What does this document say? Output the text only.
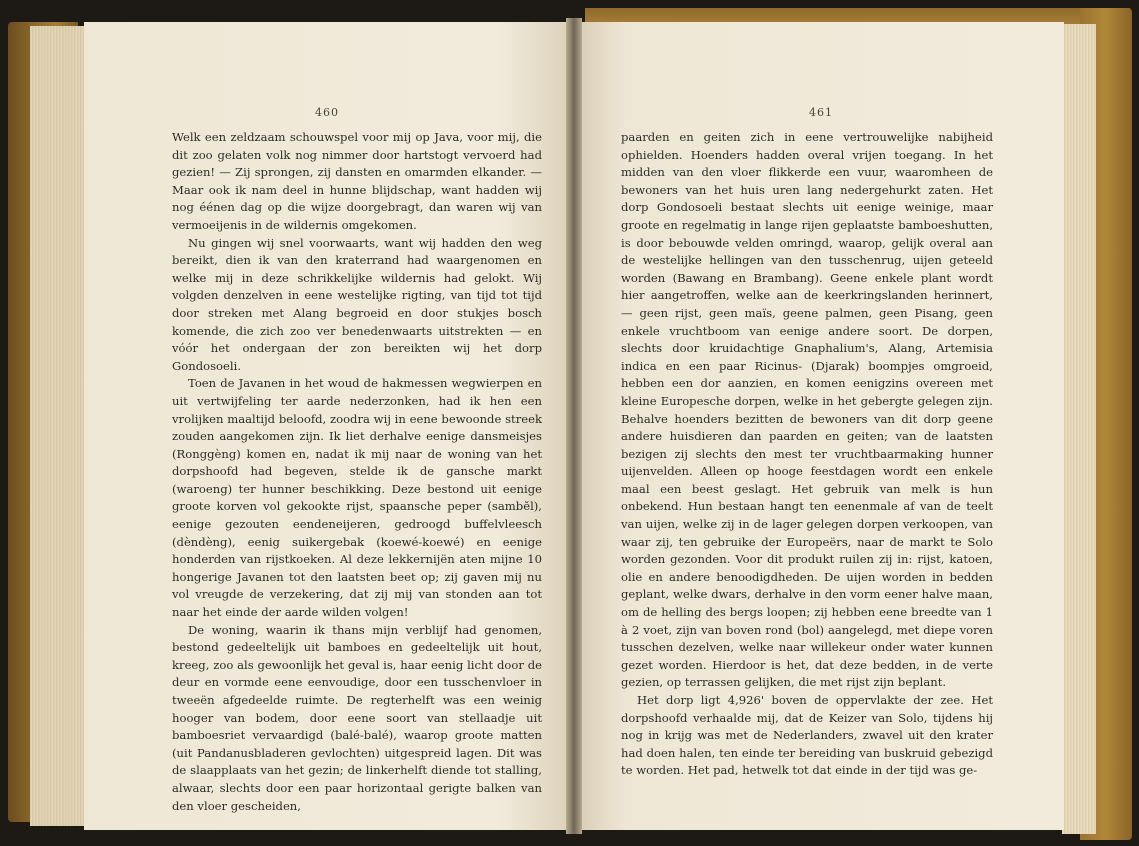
460

Welk een zeldzaam schouwspel voor mij op Java, voor mij, die dit zoo gelaten volk nog nimmer door hartstogt vervoerd had gezien! — Zij sprongen, zij dansten en omarmden elkander. — Maar ook ik nam deel in hunne blijdschap, want hadden wij nog éénen dag op die wijze doorgebragt, dan waren wij van vermoeijenis in de wildernis omgekomen.

Nu gingen wij snel voorwaarts, want wij hadden den weg bereikt, dien ik van den kraterrand had waargenomen en welke mij in deze schrikkelijke wildernis had gelokt. Wij volgden denzelven in eene westelijke rigting, van tijd tot tijd door streken met Alang begroeid en door stukjes bosch komende, die zich zoo ver benedenwaarts uitstrekten — en vóór het ondergaan der zon bereikten wij het dorp Gondosoeli.

Toen de Javanen in het woud de hakmessen wegwierpen en uit vertwijfeling ter aarde nederzonken, had ik hen een vrolijken maaltijd beloofd, zoodra wij in eene bewoonde streek zouden aangekomen zijn. Ik liet derhalve eenige dansmeisjes (Ronggèng) komen en, nadat ik mij naar de woning van het dorpshoofd had begeven, stelde ik de gansche markt (waroeng) ter hunner beschikking. Deze bestond uit eenige groote korven vol gekookte rijst, spaansche peper (sambĕl), eenige gezouten eendeneijeren, gedroogd buffelvleesch (dèndèng), eenig suikergebak (koewé-koewé) en eenige honderden van rijstkoeken. Al deze lekkernijën aten mijne 10 hongerige Javanen tot den laatsten beet op; zij gaven mij nu vol vreugde de verzekering, dat zij mij van stonden aan tot naar het einde der aarde wilden volgen!

De woning, waarin ik thans mijn verblijf had genomen, bestond gedeeltelijk uit bamboes en gedeeltelijk uit hout, kreeg, zoo als gewoonlijk het geval is, haar eenig licht door de deur en vormde eene eenvoudige, door een tusschenvloer in tweeën afgedeelde ruimte. De regterhelft was een weinig hooger van bodem, door eene soort van stellaadje uit bamboesriet vervaardigd (balé-balé), waarop groote matten (uit Pandanusbladeren gevlochten) uitgespreid lagen. Dit was de slaapplaats van het gezin; de linkerhelft diende tot stalling, alwaar, slechts door een paar horizontaal gerigte balken van den vloer gescheiden,

461

paarden en geiten zich in eene vertrouwelijke nabijheid ophielden. Hoenders hadden overal vrijen toegang. In het midden van den vloer flikkerde een vuur, waaromheen de bewoners van het huis uren lang nedergehurkt zaten. Het dorp Gondosoeli bestaat slechts uit eenige weinige, maar groote en regelmatig in lange rijen geplaatste bamboeshutten, is door bebouwde velden omringd, waarop, gelijk overal aan de westelijke hellingen van den tusschenrug, uijen geteeld worden (Bawang en Brambang). Geene enkele plant wordt hier aangetroffen, welke aan de keerkringslanden herinnert, — geen rijst, geen maïs, geene palmen, geen Pisang, geen enkele vruchtboom van eenige andere soort. De dorpen, slechts door kruidachtige Gnaphalium's, Alang, Artemisia indica en een paar Ricinus- (Djarak) boompjes omgroeid, hebben een dor aanzien, en komen eenigzins overeen met kleine Europesche dorpen, welke in het gebergte gelegen zijn. Behalve hoenders bezitten de bewoners van dit dorp geene andere huisdieren dan paarden en geiten; van de laatsten bezigen zij slechts den mest ter vruchtbaarmaking hunner uijenvelden. Alleen op hooge feestdagen wordt een enkele maal een beest geslagt. Het gebruik van melk is hun onbekend. Hun bestaan hangt ten eenenmale af van de teelt van uijen, welke zij in de lager gelegen dorpen verkoopen, van waar zij, ten gebruike der Europeërs, naar de markt te Solo worden gezonden. Voor dit produkt ruilen zij in: rijst, katoen, olie en andere benoodigdheden. De uijen worden in bedden geplant, welke dwars, derhalve in den vorm eener halve maan, om de helling des bergs loopen; zij hebben eene breedte van 1 à 2 voet, zijn van boven rond (bol) aangelegd, met diepe voren tusschen dezelven, welke naar willekeur onder water kunnen gezet worden. Hierdoor is het, dat deze bedden, in de verte gezien, op terrassen gelijken, die met rijst zijn beplant.

Het dorp ligt 4,926' boven de oppervlakte der zee. Het dorpshoofd verhaalde mij, dat de Keizer van Solo, tijdens hij nog in krijg was met de Nederlanders, zwavel uit den krater had doen halen, ten einde ter bereiding van buskruid gebezigd te worden. Het pad, hetwelk tot dat einde in der tijd was ge-
